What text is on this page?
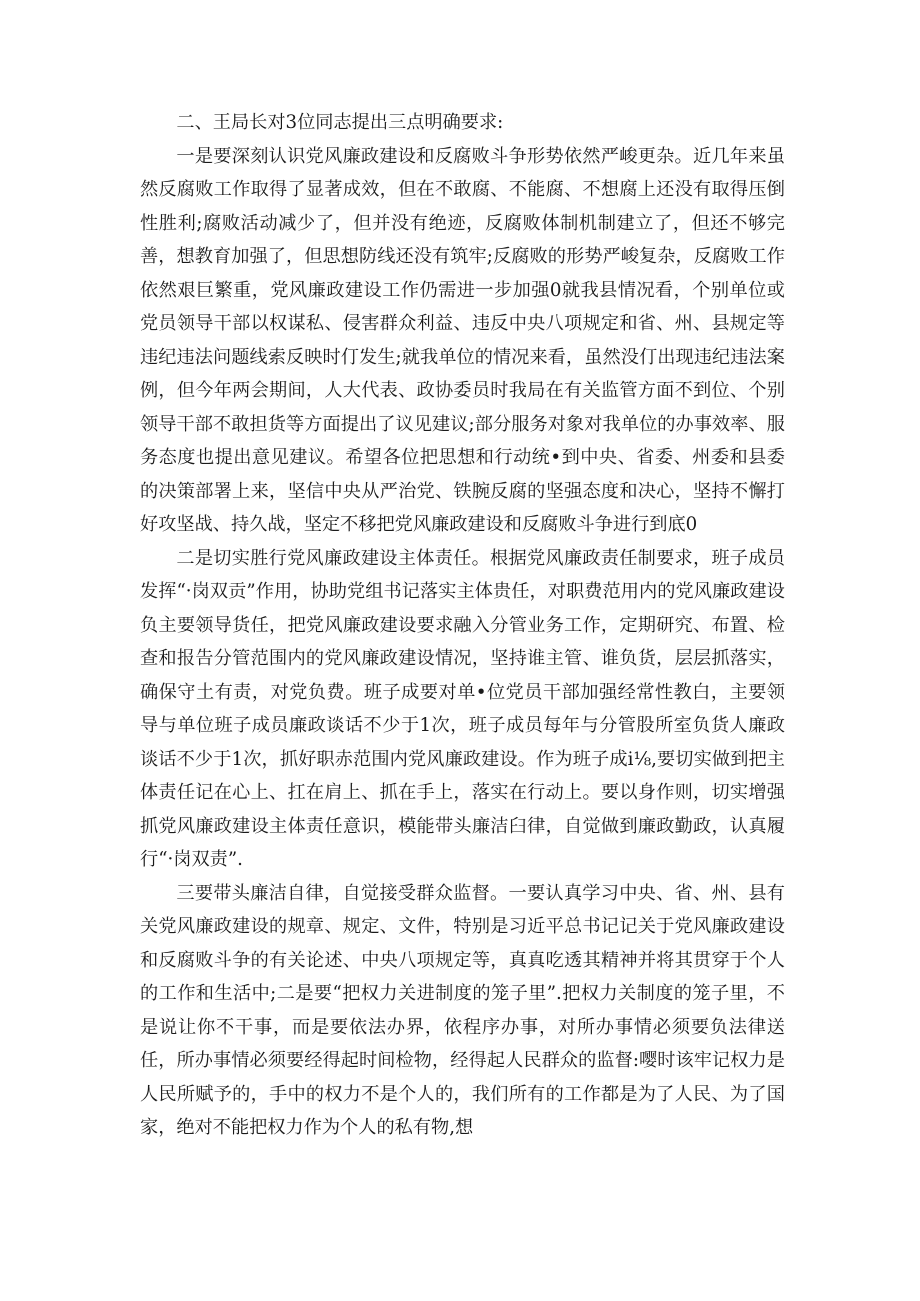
二、王局长对3位同志提出三点明确要求:

一是要深刻认识党风廉政建设和反腐败斗争形势依然严峻更杂。近几年来虽然反腐败工作取得了显著成效，但在不敢腐、不能腐、不想腐上还没有取得压倒性胜利;腐败活动减少了，但并没有绝迹，反腐败体制机制建立了，但还不够完善，想教育加强了，但思想防线还没有筑牢;反腐败的形势严峻复杂，反腐败工作依然艰巨繁重，党风廉政建设工作仍需进一步加强0就我县情况看，个别单位或党员领导干部以权谋私、侵害群众利益、违反中央八项规定和省、州、县规定等违纪违法问题线索反映时仃发生;就我单位的情况来看，虽然没仃出现违纪违法案例，但今年两会期间，人大代表、政协委员时我局在有关监管方面不到位、个别领导干部不敢担货等方面提出了议见建议;部分服务对象对我单位的办事效率、服务态度也提出意见建议。希望各位把思想和行动统•到中央、省委、州委和县委的决策部署上来，坚信中央从严治党、铁腕反腐的坚强态度和决心，坚持不懈打好攻坚战、持久战，坚定不移把党风廉政建设和反腐败斗争进行到底0

二是切实胜行党风廉政建设主体责任。根据党风廉政责任制要求，班子成员发挥“·岗双贡”作用，协助党组书记落实主体贵任，对职费范用内的党风廉政建设负主要领导货任，把党风廉政建设要求融入分管业务工作，定期研究、布置、检查和报告分管范围内的党风廉政建设情况，坚持谁主管、谁负货，层层抓落实，确保守土有责，对党负费。班子成要对单•位党员干部加强经常性教白，主要领导与单位班子成员廉政谈话不少于1次，班子成员每年与分管股所室负货人廉政谈话不少于1次，抓好职赤范围内党风廉政建设。作为班子成i⅛,要切实做到把主体责任记在心上、扛在肩上、抓在手上，落实在行动上。要以身作则，切实增强抓党风廉政建设主体责任意识，模能带头廉洁臼律，自觉做到廉政勤政，认真履行“·岗双责”.

三要带头廉洁自律，自觉接受群众监督。一要认真学习中央、省、州、县有关党风廉政建设的规章、规定、文件，特别是习近平总书记记关于党风廉政建设和反腐败斗争的有关论述、中央八项规定等，真真吃透其精神并将其贯穿于个人的工作和生活中;二是要“把权力关进制度的笼子里”.把权力关制度的笼子里，不是说让你不干事，而是要依法办界，依程序办事，对所办事情必须要负法律送任，所办事情必须要经得起时间检物，经得起人民群众的监督:嘤时该牢记权力是人民所赋予的，手中的权力不是个人的，我们所有的工作都是为了人民、为了国家，绝对不能把权力作为个人的私有物,想
